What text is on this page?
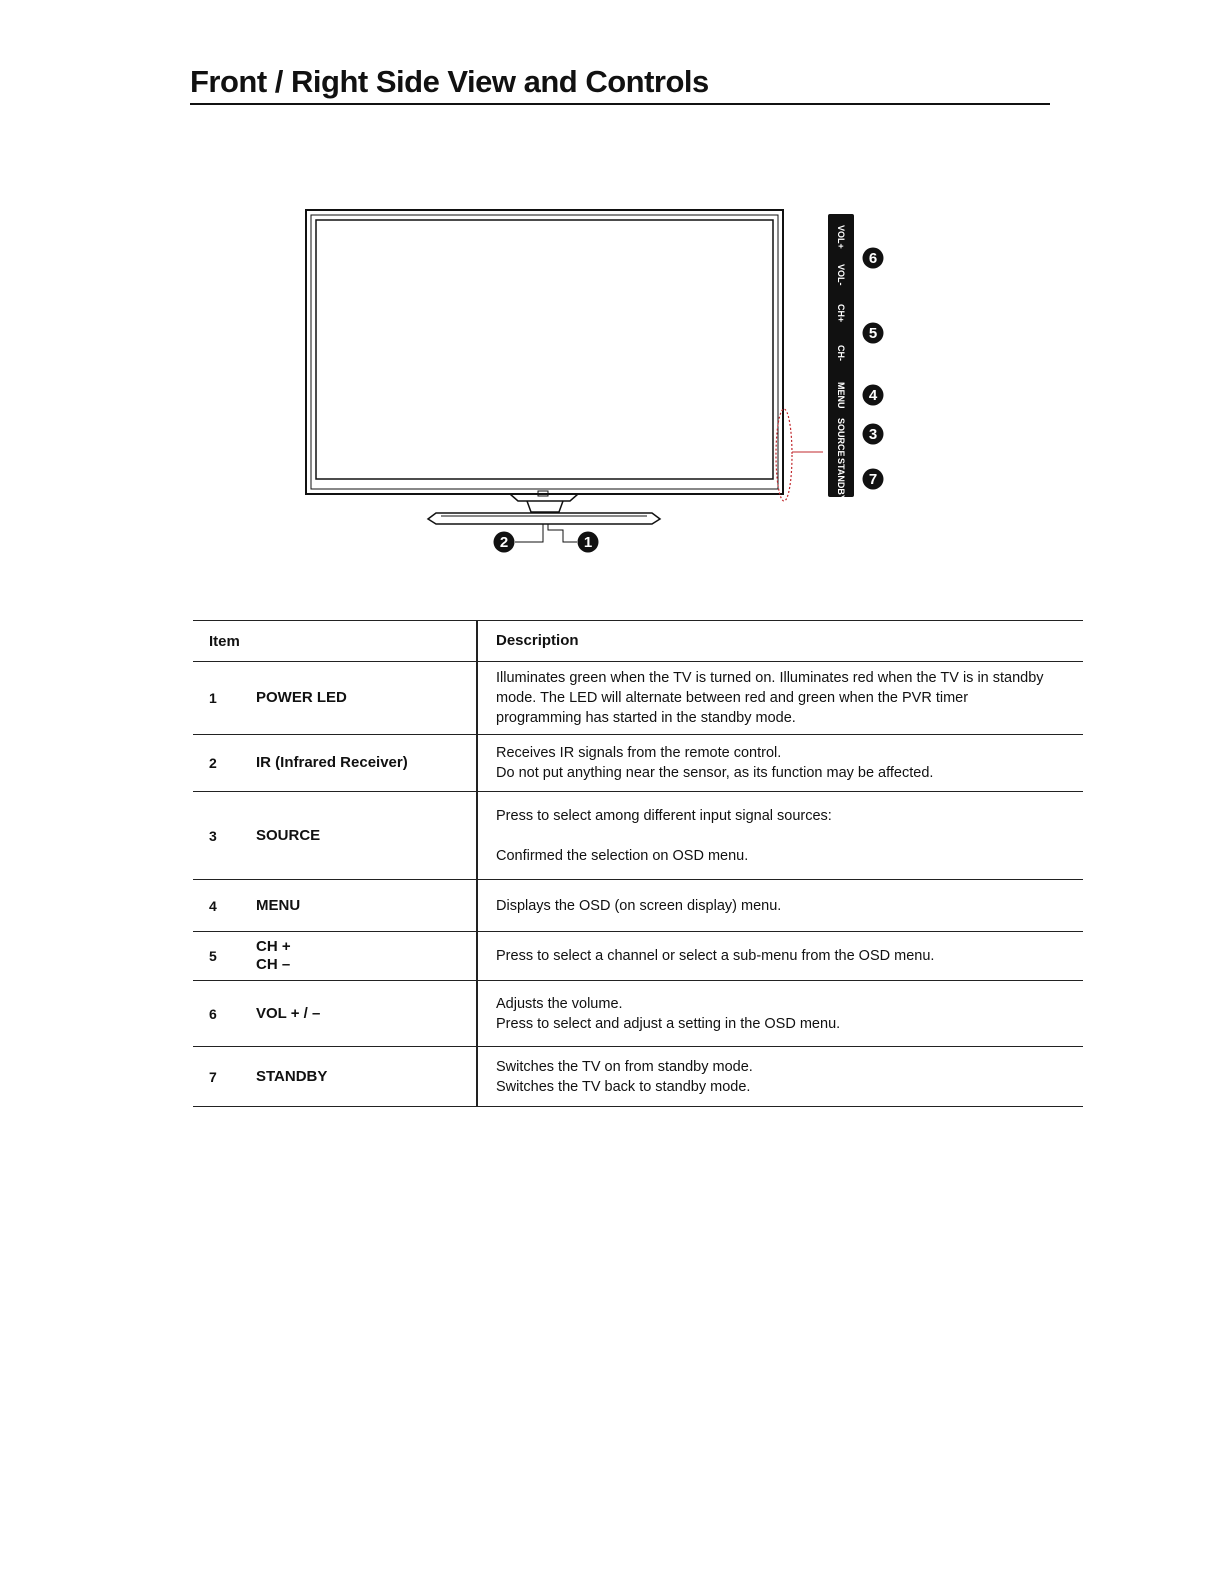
Front / Right Side View and Controls
VOL+
VOL-
CH+
CH-
MENU
SOURCE
STANDBY
6
5
4
3
7
2	1
Item	Description

1 POWER LED	Illuminates green when the TV is turned on. Illuminates red when the TV is in standby
mode. The LED will alternate between red and green when the PVR timer
programming has started in the standby mode.

2 IR (Infrared Receiver)	Receives IR signals from the remote control.
Do not put anything near the sensor, as its function may be affected.

3 SOURCE	Press to select among different input signal sources:

Confirmed the selection on OSD menu.

4 MENU	Displays the OSD (on screen display) menu.

5
CH +
CH –	Press to select a channel or select a sub-menu from the OSD menu.

6 VOL + / –	Adjusts the volume.
Press to select and adjust a setting in the OSD menu.

7 STANDBY	Switches the TV on from standby mode.
Switches the TV back to standby mode.
